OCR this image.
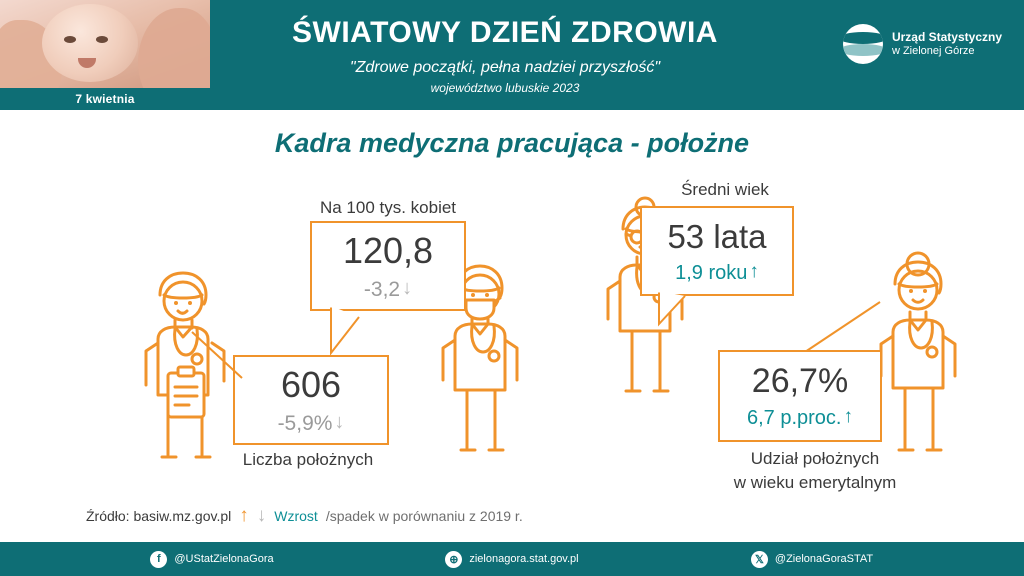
7 kwietnia
ŚWIATOWY DZIEŃ ZDROWIA
"Zdrowe początki, pełna nadziei przyszłość"
województwo lubuskie 2023
Urząd Statystyczny
w Zielonej Górze
Kadra medyczna pracująca - położne
606
-5,9% ↓
Liczba położnych
Na 100 tys. kobiet
120,8
-3,2 ↓
Średni wiek
53 lata
1,9 roku ↑
26,7%
6,7 p.proc. ↑
Udział położnych
w wieku emerytalnym
Źródło: basiw.mz.gov.pl ↑ ↓ Wzrost /spadek w porównaniu z 2019 r.
f	@UStatZielonaGora	⊕ zielonagora.stat.gov.pl	𝕏	@ZielonaGoraSTAT
